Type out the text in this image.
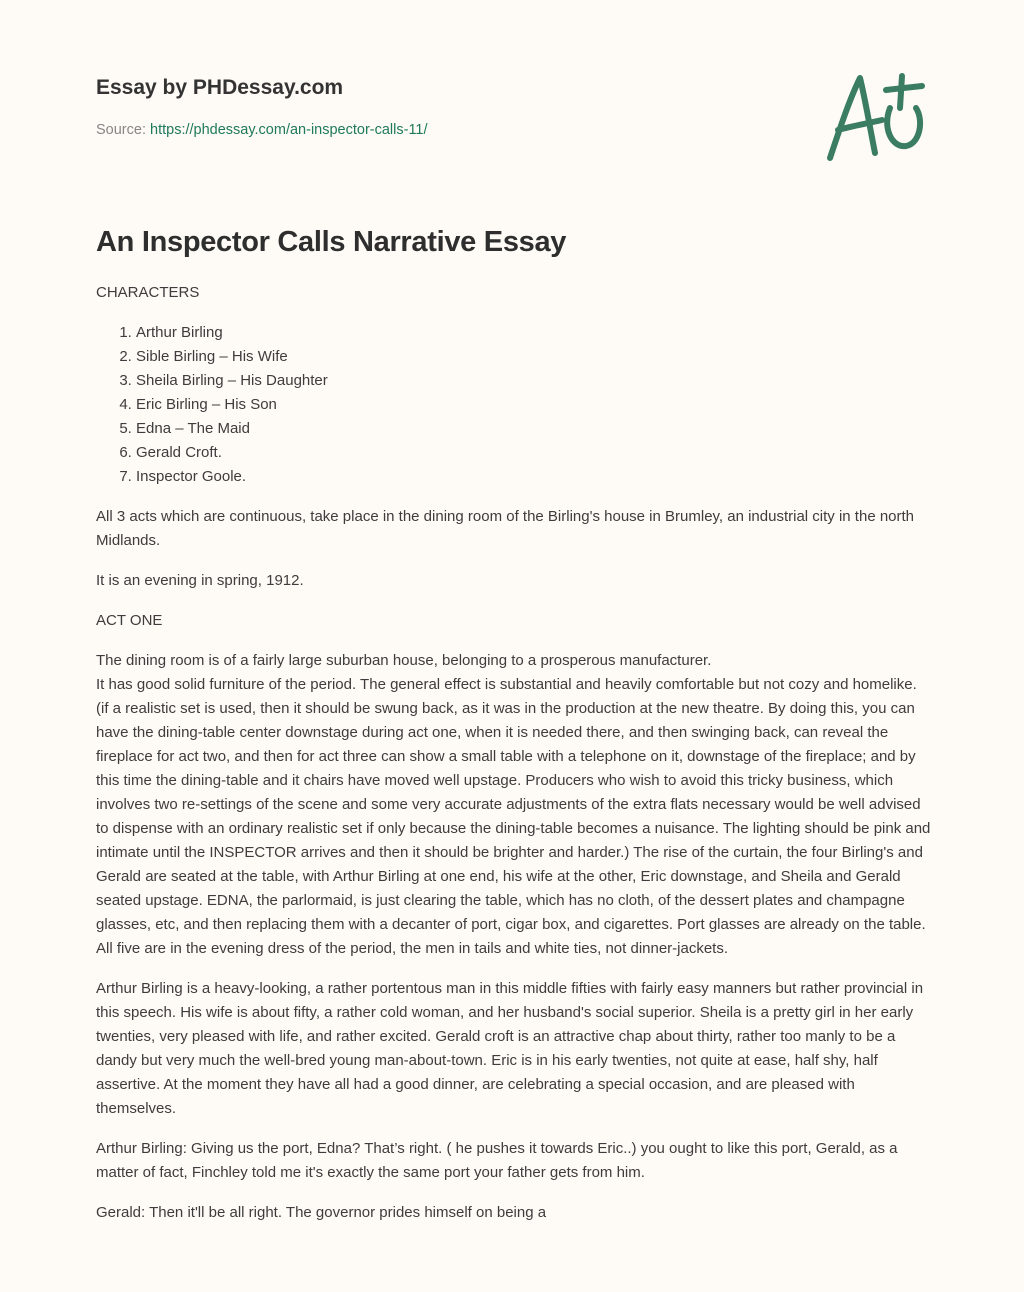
Essay by PHDessay.com
Source: https://phdessay.com/an-inspector-calls-11/
An Inspector Calls Narrative Essay

CHARACTERS

1. Arthur Birling
2. Sible Birling – His Wife
3. Sheila Birling – His Daughter
4. Eric Birling – His Son
5. Edna – The Maid
6. Gerald Croft.
7. Inspector Goole.

All 3 acts which are continuous, take place in the dining room of the Birling's house in Brumley, an industrial city in the north Midlands.

It is an evening in spring, 1912.

ACT ONE

The dining room is of a fairly large suburban house, belonging to a prosperous manufacturer.
It has good solid furniture of the period. The general effect is substantial and heavily comfortable but not cozy and homelike. (if a realistic set is used, then it should be swung back, as it was in the production at the new theatre. By doing this, you can have the dining-table center downstage during act one, when it is needed there, and then swinging back, can reveal the fireplace for act two, and then for act three can show a small table with a telephone on it, downstage of the fireplace; and by this time the dining-table and it chairs have moved well upstage. Producers who wish to avoid this tricky business, which involves two re-settings of the scene and some very accurate adjustments of the extra flats necessary would be well advised to dispense with an ordinary realistic set if only because the dining-table becomes a nuisance. The lighting should be pink and intimate until the INSPECTOR arrives and then it should be brighter and harder.) The rise of the curtain, the four Birling's and Gerald are seated at the table, with Arthur Birling at one end, his wife at the other, Eric downstage, and Sheila and Gerald seated upstage. EDNA, the parlormaid, is just clearing the table, which has no cloth, of the dessert plates and champagne glasses, etc, and then replacing them with a decanter of port, cigar box, and cigarettes. Port glasses are already on the table. All five are in the evening dress of the period, the men in tails and white ties, not dinner-jackets.

Arthur Birling is a heavy-looking, a rather portentous man in this middle fifties with fairly easy manners but rather provincial in this speech. His wife is about fifty, a rather cold woman, and her husband's social superior. Sheila is a pretty girl in her early twenties, very pleased with life, and rather excited. Gerald croft is an attractive chap about thirty, rather too manly to be a dandy but very much the well-bred young man-about-town. Eric is in his early twenties, not quite at ease, half shy, half assertive. At the moment they have all had a good dinner, are celebrating a special occasion, and are pleased with themselves.

Arthur Birling: Giving us the port, Edna? That’s right. ( he pushes it towards Eric..) you ought to like this port, Gerald, as a matter of fact, Finchley told me it's exactly the same port your father gets from him.

Gerald: Then it'll be all right. The governor prides himself on being a
